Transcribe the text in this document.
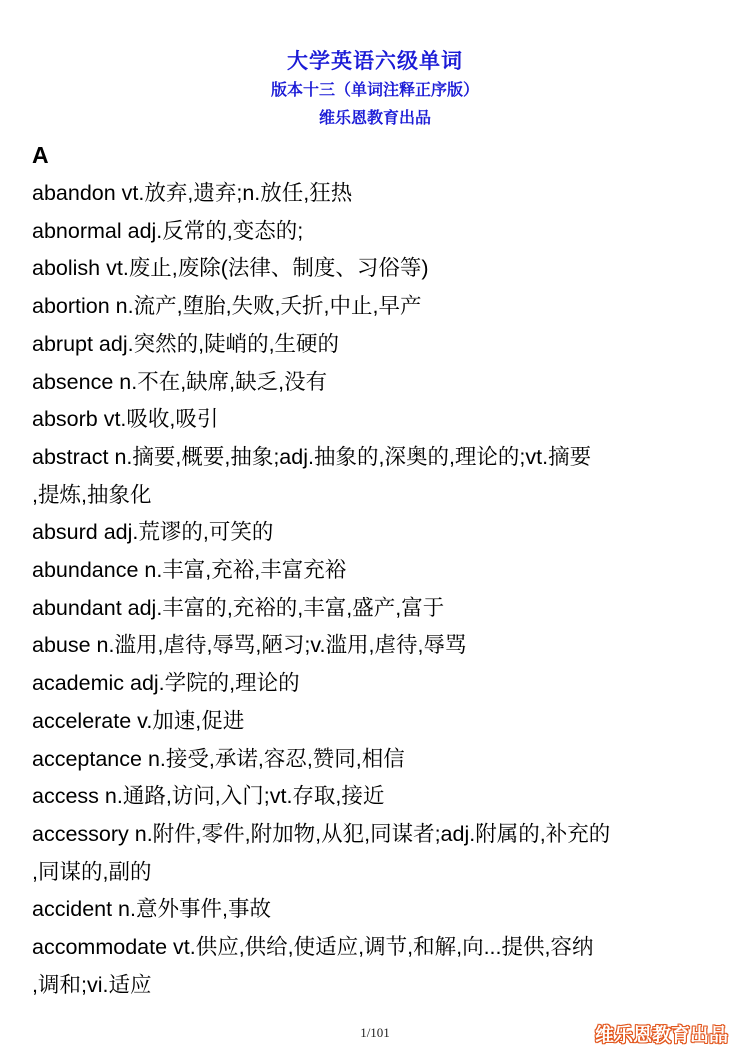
大学英语六级单词
版本十三（单词注释正序版）
维乐恩教育出品
A
abandon vt.放弃,遗弃;n.放任,狂热
abnormal adj.反常的,变态的;
abolish vt.废止,废除(法律、制度、习俗等)
abortion n.流产,堕胎,失败,夭折,中止,早产
abrupt adj.突然的,陡峭的,生硬的
absence n.不在,缺席,缺乏,没有
absorb vt.吸收,吸引
abstract n.摘要,概要,抽象;adj.抽象的,深奥的,理论的;vt.摘要
,提炼,抽象化
absurd adj.荒谬的,可笑的
abundance n.丰富,充裕,丰富充裕
abundant adj.丰富的,充裕的,丰富,盛产,富于
abuse n.滥用,虐待,辱骂,陋习;v.滥用,虐待,辱骂
academic adj.学院的,理论的
accelerate v.加速,促进
acceptance n.接受,承诺,容忍,赞同,相信
access n.通路,访问,入门;vt.存取,接近
accessory n.附件,零件,附加物,从犯,同谋者;adj.附属的,补充的
,同谋的,副的
accident n.意外事件,事故
accommodate vt.供应,供给,使适应,调节,和解,向...提供,容纳
,调和;vi.适应
1/101	维乐恩教育出品
